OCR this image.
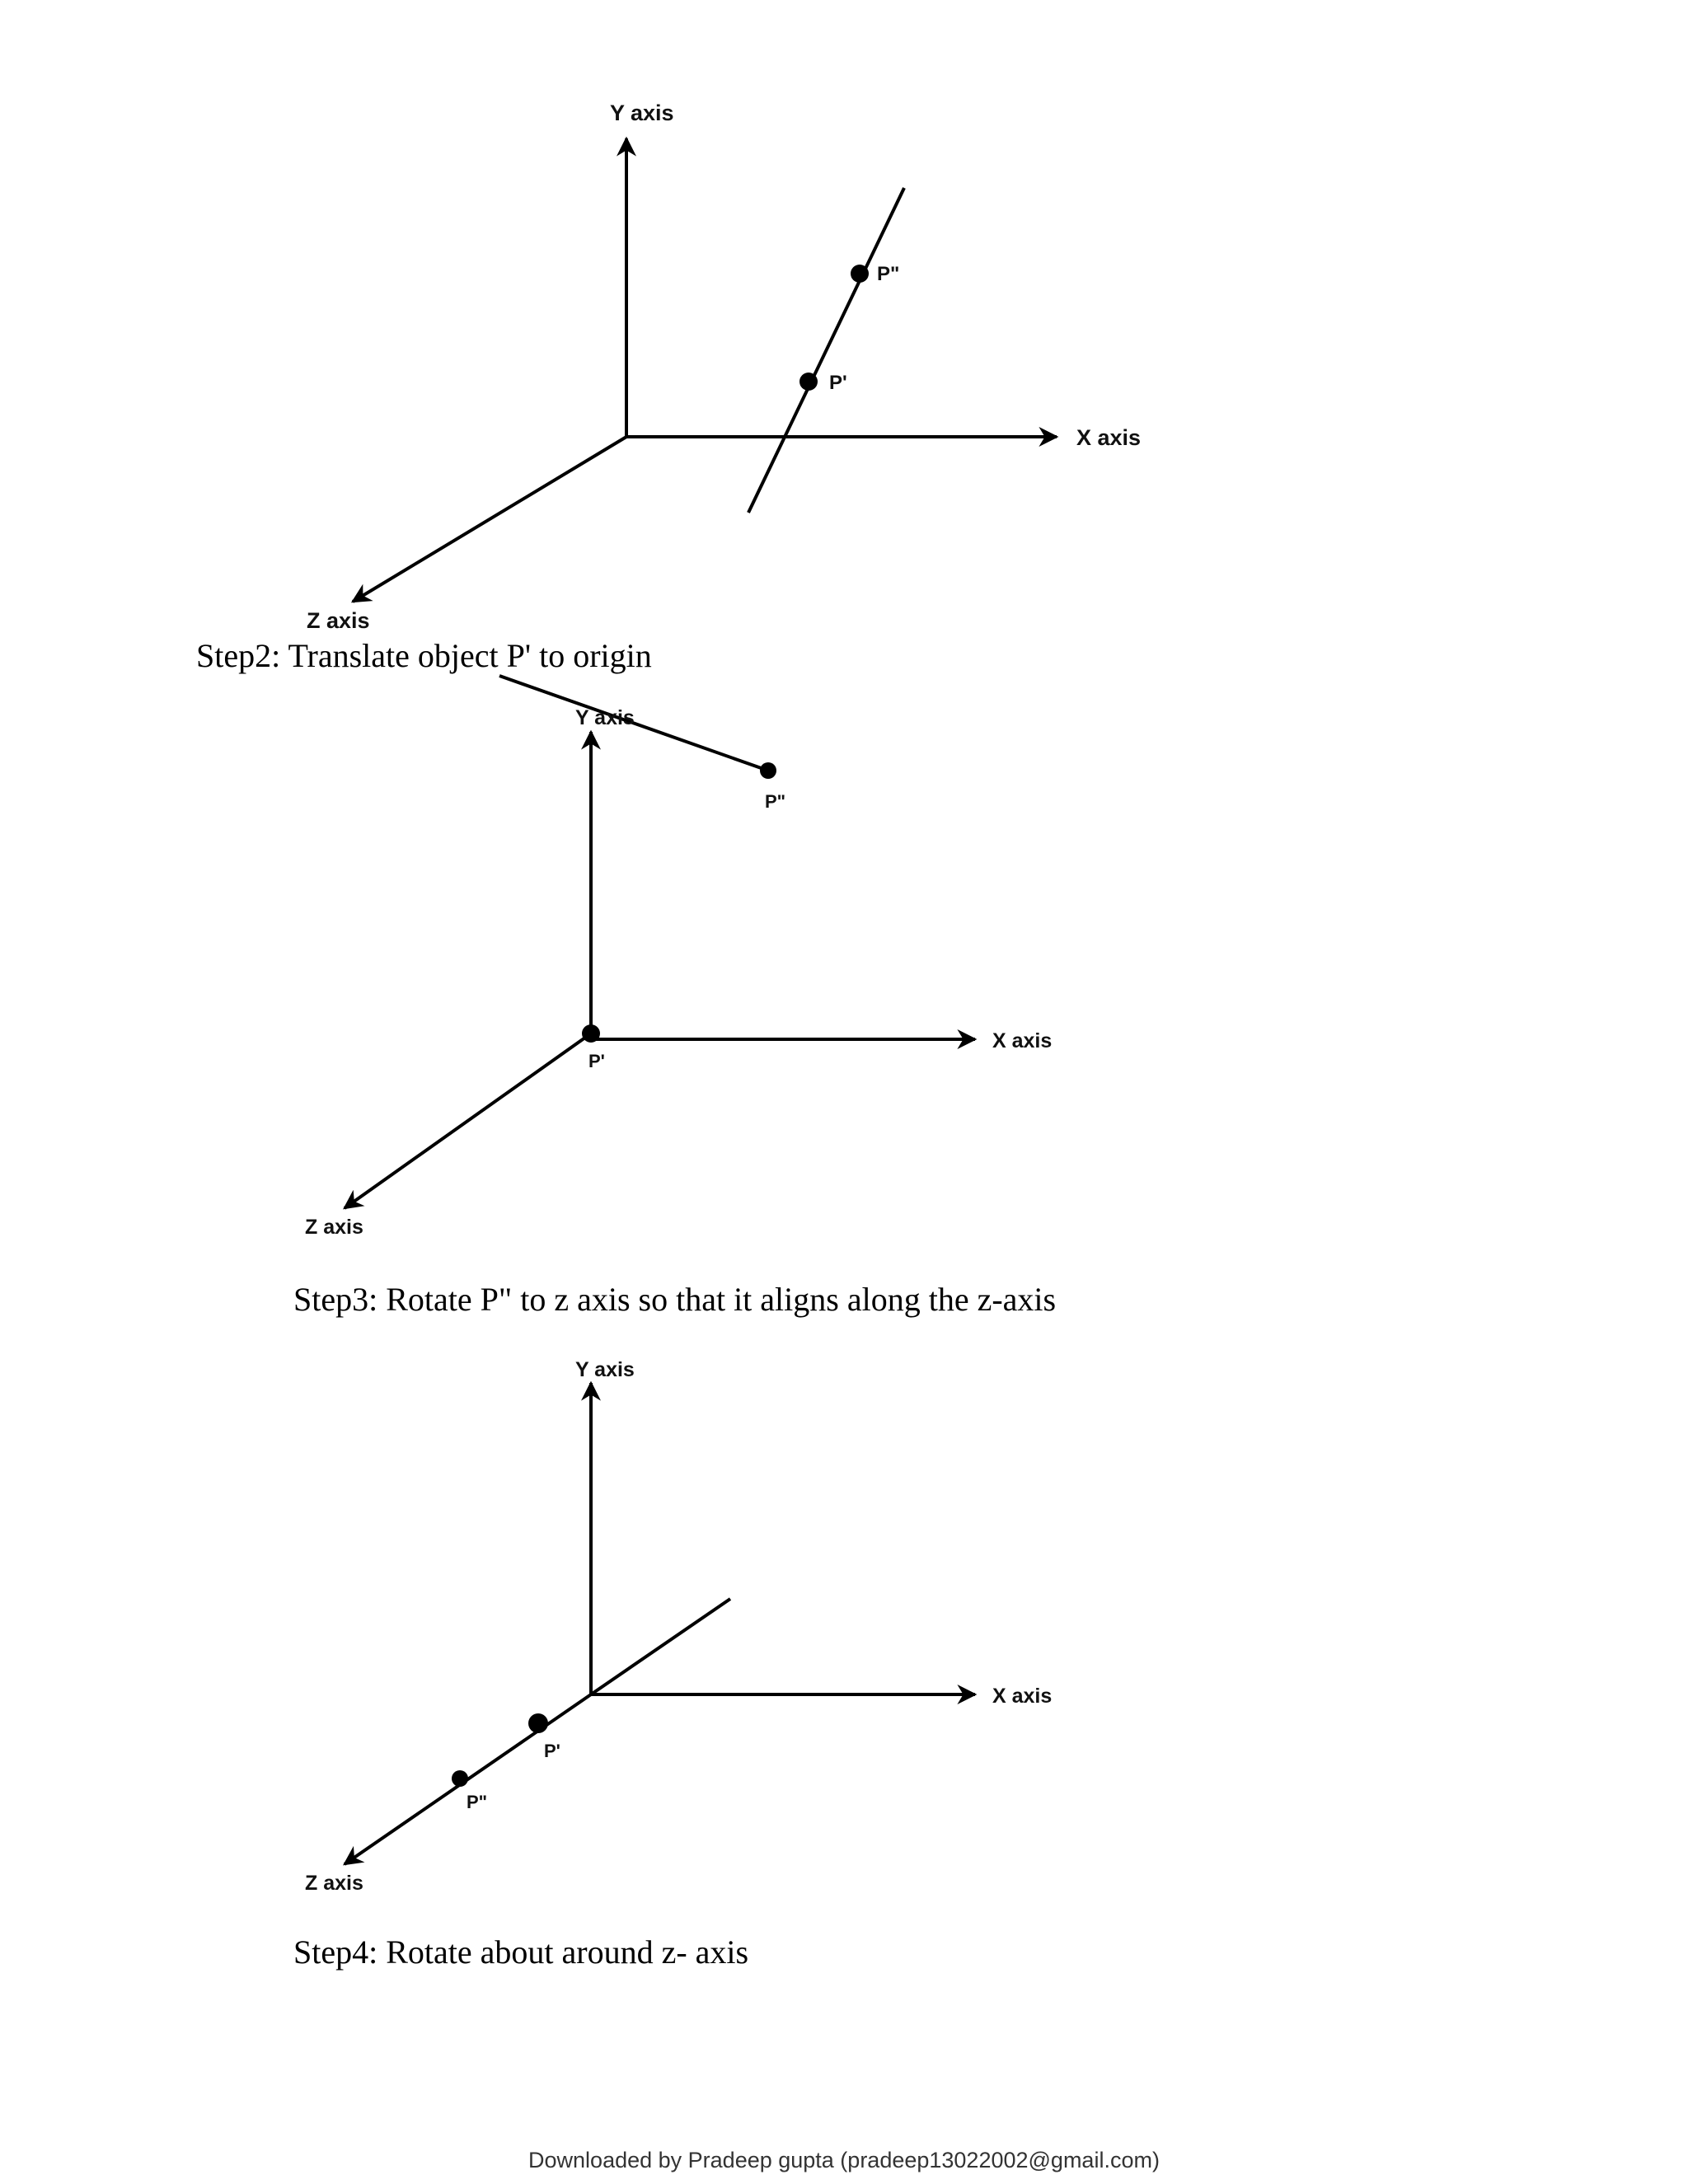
Y axis
X axis
Z axis
P"
P'
Step2: Translate object P' to origin
Y axis
X axis
Z axis
P"
P'
Step3: Rotate P" to z axis so that it aligns along the z-axis
Y axis
X axis
Z axis
P'
P"
Step4: Rotate about around z- axis
Downloaded by Pradeep gupta (pradeep13022002@gmail.com)
